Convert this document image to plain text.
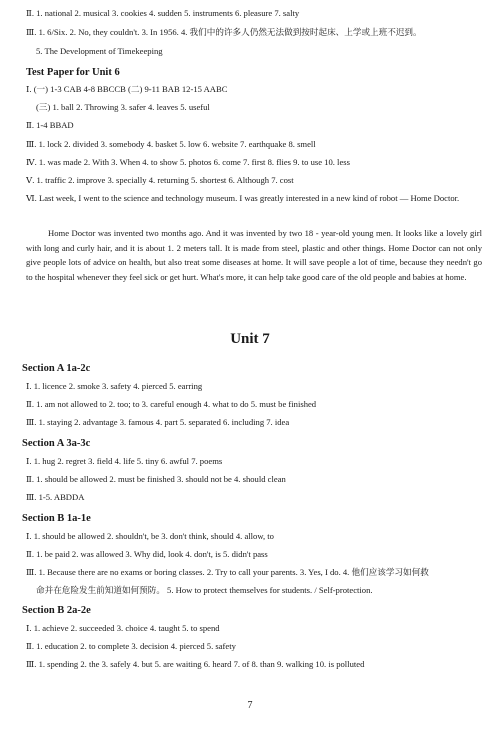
Ⅱ. 1. national 2. musical 3. cookies 4. sudden 5. instruments 6. pleasure 7. salty
Ⅲ. 1. 6/Six. 2. No, they couldn't. 3. In 1956. 4. 我们中的许多人仍然无法做到按时起床、上学或上班不迟到。
5. The Development of Timekeeping
Test Paper for Unit 6
Ⅰ. (一) 1-3 CAB 4-8 BBCCB (二) 9-11 BAB 12-15 AABC
(三) 1. ball 2. Throwing 3. safer 4. leaves 5. useful
Ⅱ. 1-4 BBAD
Ⅲ. 1. lock 2. divided 3. somebody 4. basket 5. low 6. website 7. earthquake 8. smell
Ⅳ. 1. was made 2. With 3. When 4. to show 5. photos 6. come 7. first 8. flies 9. to use 10. less
Ⅴ. 1. traffic 2. improve 3. specially 4. returning 5. shortest 6. Although 7. cost
Ⅵ. Last week, I went to the science and technology museum. I was greatly interested in a new kind of robot — Home Doctor.
Home Doctor was invented two months ago. And it was invented by two 18 - year-old young men. It looks like a lovely girl with long and curly hair, and it is about 1. 2 meters tall. It is made from steel, plastic and other things. Home Doctor can not only give people lots of advice on health, but also treat some diseases at home. It will save people a lot of time, because they needn't go to the hospital whenever they feel sick or get hurt. What's more, it can help take good care of the old people and babies at home.
Unit 7
Section A 1a-2c
Ⅰ. 1. licence 2. smoke 3. safety 4. pierced 5. earring
Ⅱ. 1. am not allowed to 2. too; to 3. careful enough 4. what to do 5. must be finished
Ⅲ. 1. staying 2. advantage 3. famous 4. part 5. separated 6. including 7. idea
Section A 3a-3c
Ⅰ. 1. hug 2. regret 3. field 4. life 5. tiny 6. awful 7. poems
Ⅱ. 1. should be allowed 2. must be finished 3. should not be 4. should clean
Ⅲ. 1-5. ABDDA
Section B 1a-1e
Ⅰ. 1. should be allowed 2. shouldn't, be 3. don't think, should 4. allow, to
Ⅱ. 1. be paid 2. was allowed 3. Why did, look 4. don't, is 5. didn't pass
Ⅲ. 1. Because there are no exams or boring classes. 2. Try to call your parents. 3. Yes, I do. 4. 他们应该学习如何救
命并在危险发生前知道如何预防。 5. How to protect themselves for students. / Self-protection.
Section B 2a-2e
Ⅰ. 1. achieve 2. succeeded 3. choice 4. taught 5. to spend
Ⅱ. 1. education 2. to complete 3. decision 4. pierced 5. safety
Ⅲ. 1. spending 2. the 3. safely 4. but 5. are waiting 6. heard 7. of 8. than 9. walking 10. is polluted
7
